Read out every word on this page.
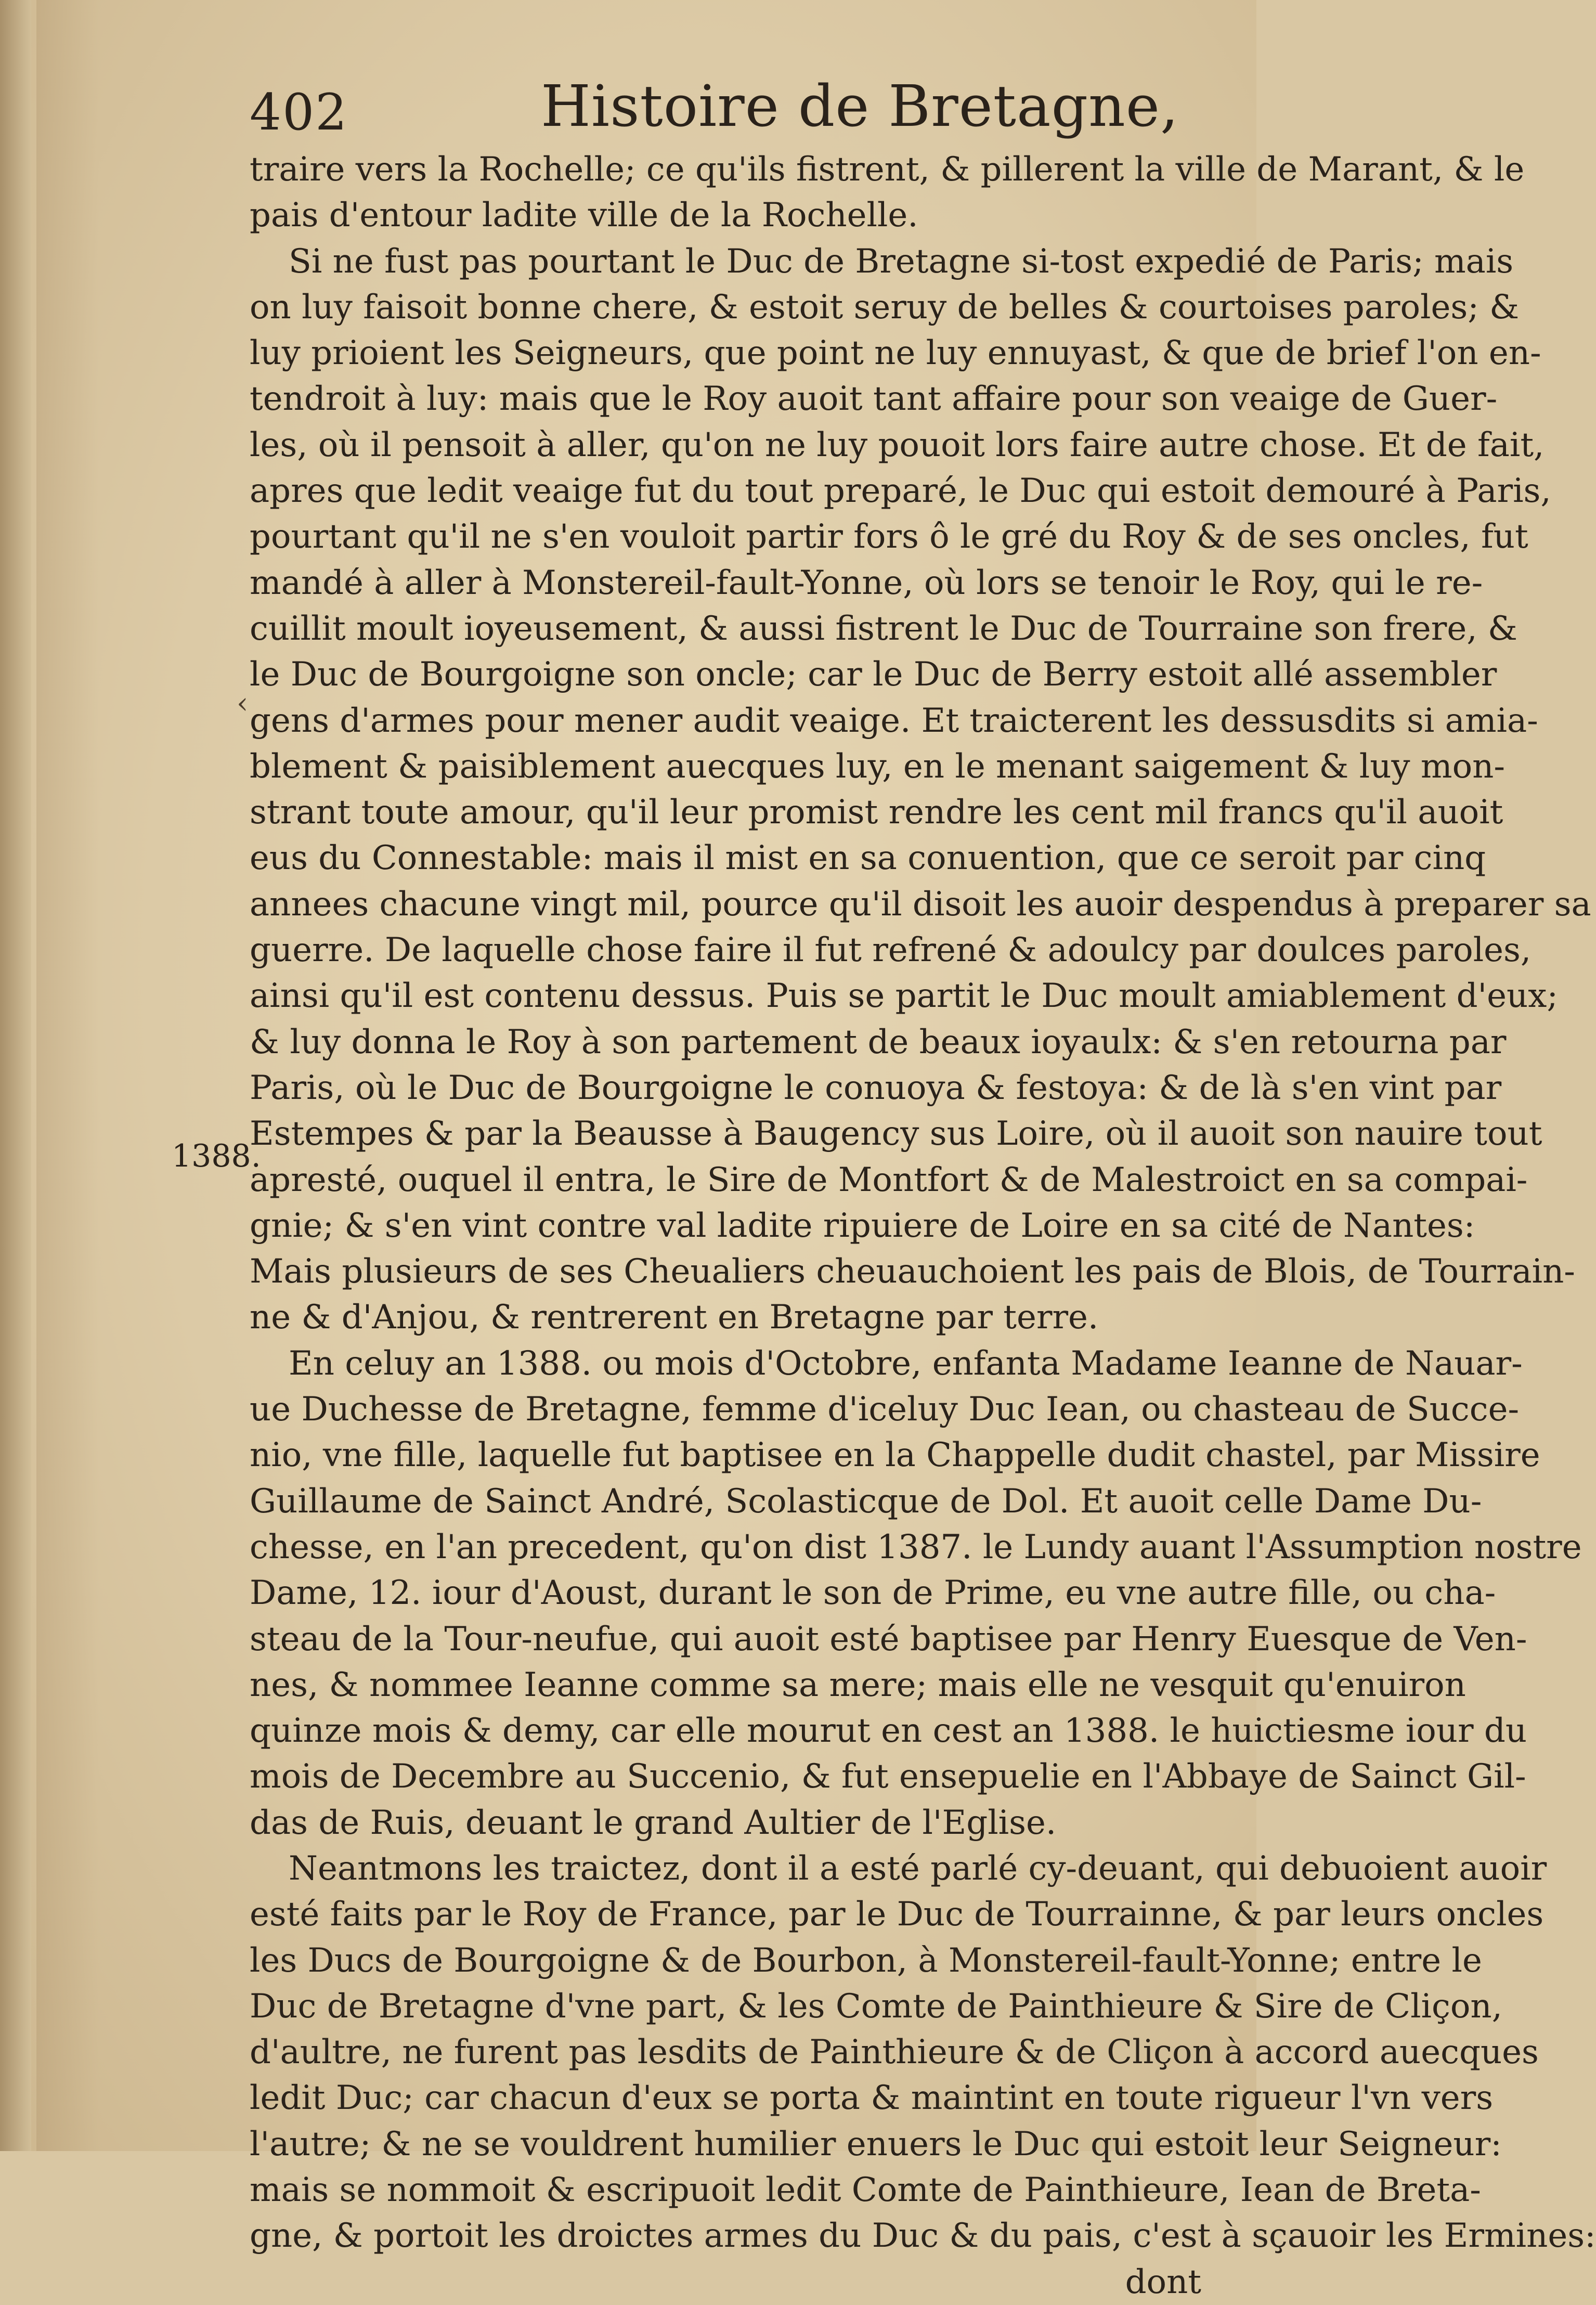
402	Histoire de Bretagne,
‹
1388.
traire vers la Rochelle; ce qu'ils fistrent, & pillerent la ville de Marant, & le
pais d'entour ladite ville de la Rochelle.
Si ne fust pas pourtant le Duc de Bretagne si-tost expedié de Paris; mais
on luy faisoit bonne chere, & estoit seruy de belles & courtoises paroles; &
luy prioient les Seigneurs, que point ne luy ennuyast, & que de brief l'on en-
tendroit à luy: mais que le Roy auoit tant affaire pour son veaige de Guer-
les, où il pensoit à aller, qu'on ne luy pouoit lors faire autre chose. Et de fait,
apres que ledit veaige fut du tout preparé, le Duc qui estoit demouré à Paris,
pourtant qu'il ne s'en vouloit partir fors ô le gré du Roy & de ses oncles, fut
mandé à aller à Monstereil-fault-Yonne, où lors se tenoir le Roy, qui le re-
cuillit moult ioyeusement, & aussi fistrent le Duc de Tourraine son frere, &
le Duc de Bourgoigne son oncle; car le Duc de Berry estoit allé assembler
gens d'armes pour mener audit veaige. Et traicterent les dessusdits si amia-
blement & paisiblement auecques luy, en le menant saigement & luy mon-
strant toute amour, qu'il leur promist rendre les cent mil francs qu'il auoit
eus du Connestable: mais il mist en sa conuention, que ce seroit par cinq
annees chacune vingt mil, pource qu'il disoit les auoir despendus à preparer sa
guerre. De laquelle chose faire il fut refrené & adoulcy par doulces paroles,
ainsi qu'il est contenu dessus. Puis se partit le Duc moult amiablement d'eux;
& luy donna le Roy à son partement de beaux ioyaulx: & s'en retourna par
Paris, où le Duc de Bourgoigne le conuoya & festoya: & de là s'en vint par
Estempes & par la Beausse à Baugency sus Loire, où il auoit son nauire tout
apresté, ouquel il entra, le Sire de Montfort & de Malestroict en sa compai-
gnie; & s'en vint contre val ladite ripuiere de Loire en sa cité de Nantes:
Mais plusieurs de ses Cheualiers cheuauchoient les pais de Blois, de Tourrain-
ne & d'Anjou, & rentrerent en Bretagne par terre.
En celuy an 1388. ou mois d'Octobre, enfanta Madame Ieanne de Nauar-
ue Duchesse de Bretagne, femme d'iceluy Duc Iean, ou chasteau de Succe-
nio, vne fille, laquelle fut baptisee en la Chappelle dudit chastel, par Missire
Guillaume de Sainct André, Scolasticque de Dol. Et auoit celle Dame Du-
chesse, en l'an precedent, qu'on dist 1387. le Lundy auant l'Assumption nostre
Dame, 12. iour d'Aoust, durant le son de Prime, eu vne autre fille, ou cha-
steau de la Tour-neufue, qui auoit esté baptisee par Henry Euesque de Ven-
nes, & nommee Ieanne comme sa mere; mais elle ne vesquit qu'enuiron
quinze mois & demy, car elle mourut en cest an 1388. le huictiesme iour du
mois de Decembre au Succenio, & fut ensepuelie en l'Abbaye de Sainct Gil-
das de Ruis, deuant le grand Aultier de l'Eglise.
Neantmons les traictez, dont il a esté parlé cy-deuant, qui debuoient auoir
esté faits par le Roy de France, par le Duc de Tourrainne, & par leurs oncles
les Ducs de Bourgoigne & de Bourbon, à Monstereil-fault-Yonne; entre le
Duc de Bretagne d'vne part, & les Comte de Painthieure & Sire de Cliçon,
d'aultre, ne furent pas lesdits de Painthieure & de Cliçon à accord auecques
ledit Duc; car chacun d'eux se porta & maintint en toute rigueur l'vn vers
l'autre; & ne se vouldrent humilier enuers le Duc qui estoit leur Seigneur:
mais se nommoit & escripuoit ledit Comte de Painthieure, Iean de Breta-
gne, & portoit les droictes armes du Duc & du pais, c'est à sçauoir les Ermines:
dont
